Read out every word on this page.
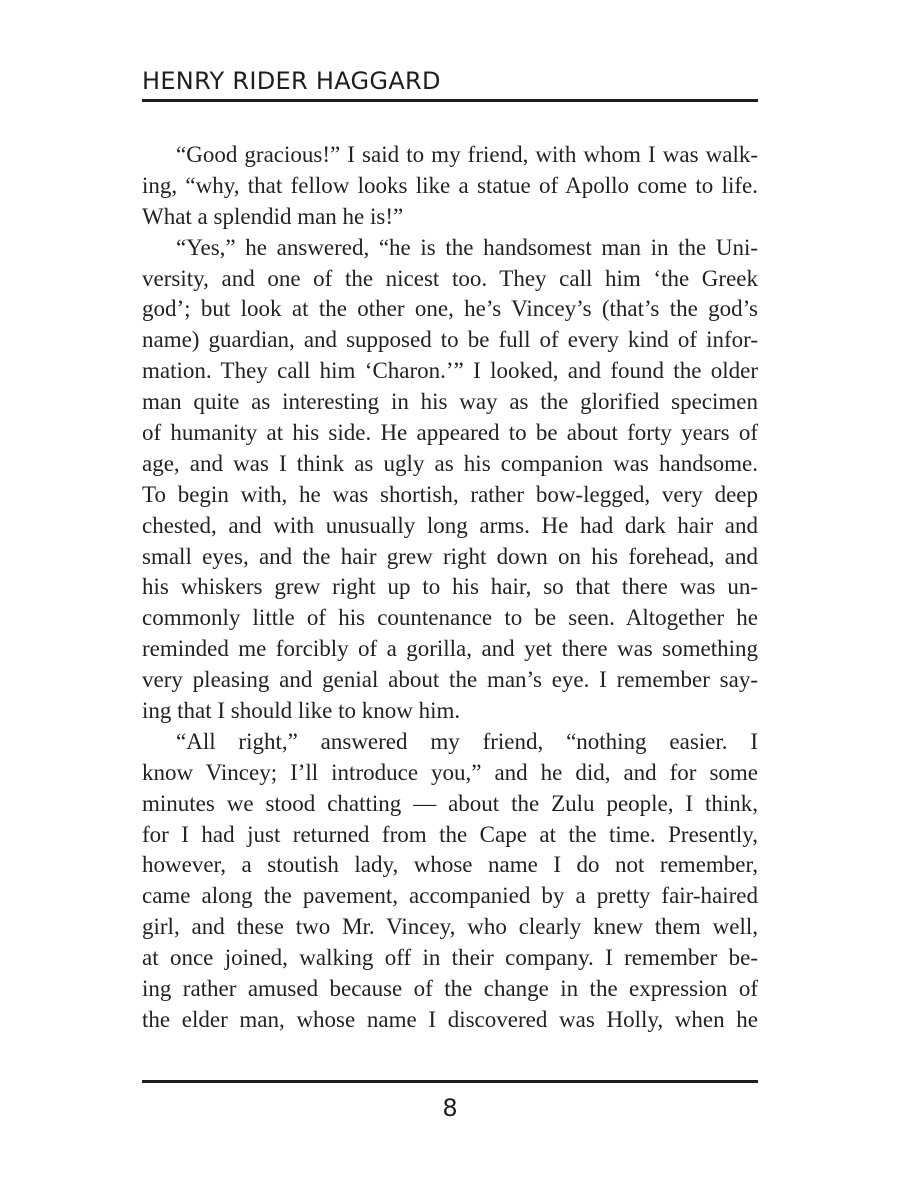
HENRY RIDER HAGGARD
“Good gracious!” I said to my friend, with whom I was walk-
ing, “why, that fellow looks like a statue of Apollo come to life.
What a splendid man he is!”
“Yes,” he answered, “he is the handsomest man in the Uni-
versity, and one of the nicest too. They call him ‘the Greek
god’; but look at the other one, he’s Vincey’s (that’s the god’s
name) guardian, and supposed to be full of every kind of infor-
mation. They call him ‘Charon.’” I looked, and found the older
man quite as interesting in his way as the glorified specimen
of humanity at his side. He appeared to be about forty years of
age, and was I think as ugly as his companion was handsome.
To begin with, he was shortish, rather bow-legged, very deep
chested, and with unusually long arms. He had dark hair and
small eyes, and the hair grew right down on his forehead, and
his whiskers grew right up to his hair, so that there was un-
commonly little of his countenance to be seen. Altogether he
reminded me forcibly of a gorilla, and yet there was something
very pleasing and genial about the man’s eye. I remember say-
ing that I should like to know him.
“All right,” answered my friend, “nothing easier. I
know Vincey; I’ll introduce you,” and he did, and for some
minutes we stood chatting — about the Zulu people, I think,
for I had just returned from the Cape at the time. Presently,
however, a stoutish lady, whose name I do not remember,
came along the pavement, accompanied by a pretty fair-haired
girl, and these two Mr. Vincey, who clearly knew them well,
at once joined, walking off in their company. I remember be-
ing rather amused because of the change in the expression of
the elder man, whose name I discovered was Holly, when he
8
